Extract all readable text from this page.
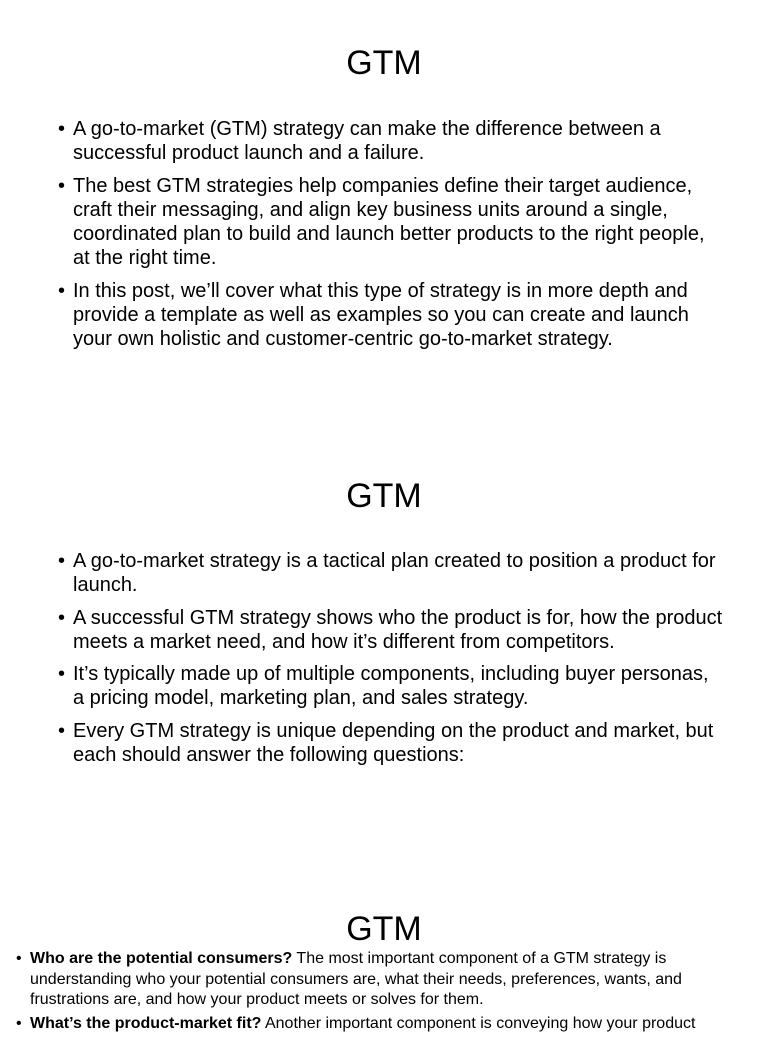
GTM
• A go-to-market (GTM) strategy can make the difference between a successful product launch and a failure.
• The best GTM strategies help companies define their target audience, craft their messaging, and align key business units around a single, coordinated plan to build and launch better products to the right people, at the right time.
• In this post, we’ll cover what this type of strategy is in more depth and provide a template as well as examples so you can create and launch your own holistic and customer-centric go-to-market strategy.
GTM
• A go-to-market strategy is a tactical plan created to position a product for launch.
• A successful GTM strategy shows who the product is for, how the product meets a market need, and how it’s different from competitors.
• It’s typically made up of multiple components, including buyer personas, a pricing model, marketing plan, and sales strategy.
• Every GTM strategy is unique depending on the product and market, but each should answer the following questions:
GTM
• Who are the potential consumers? The most important component of a GTM strategy is understanding who your potential consumers are, what their needs, preferences, wants, and frustrations are, and how your product meets or solves for them.
• What’s the product-market fit? Another important component is conveying how your product
